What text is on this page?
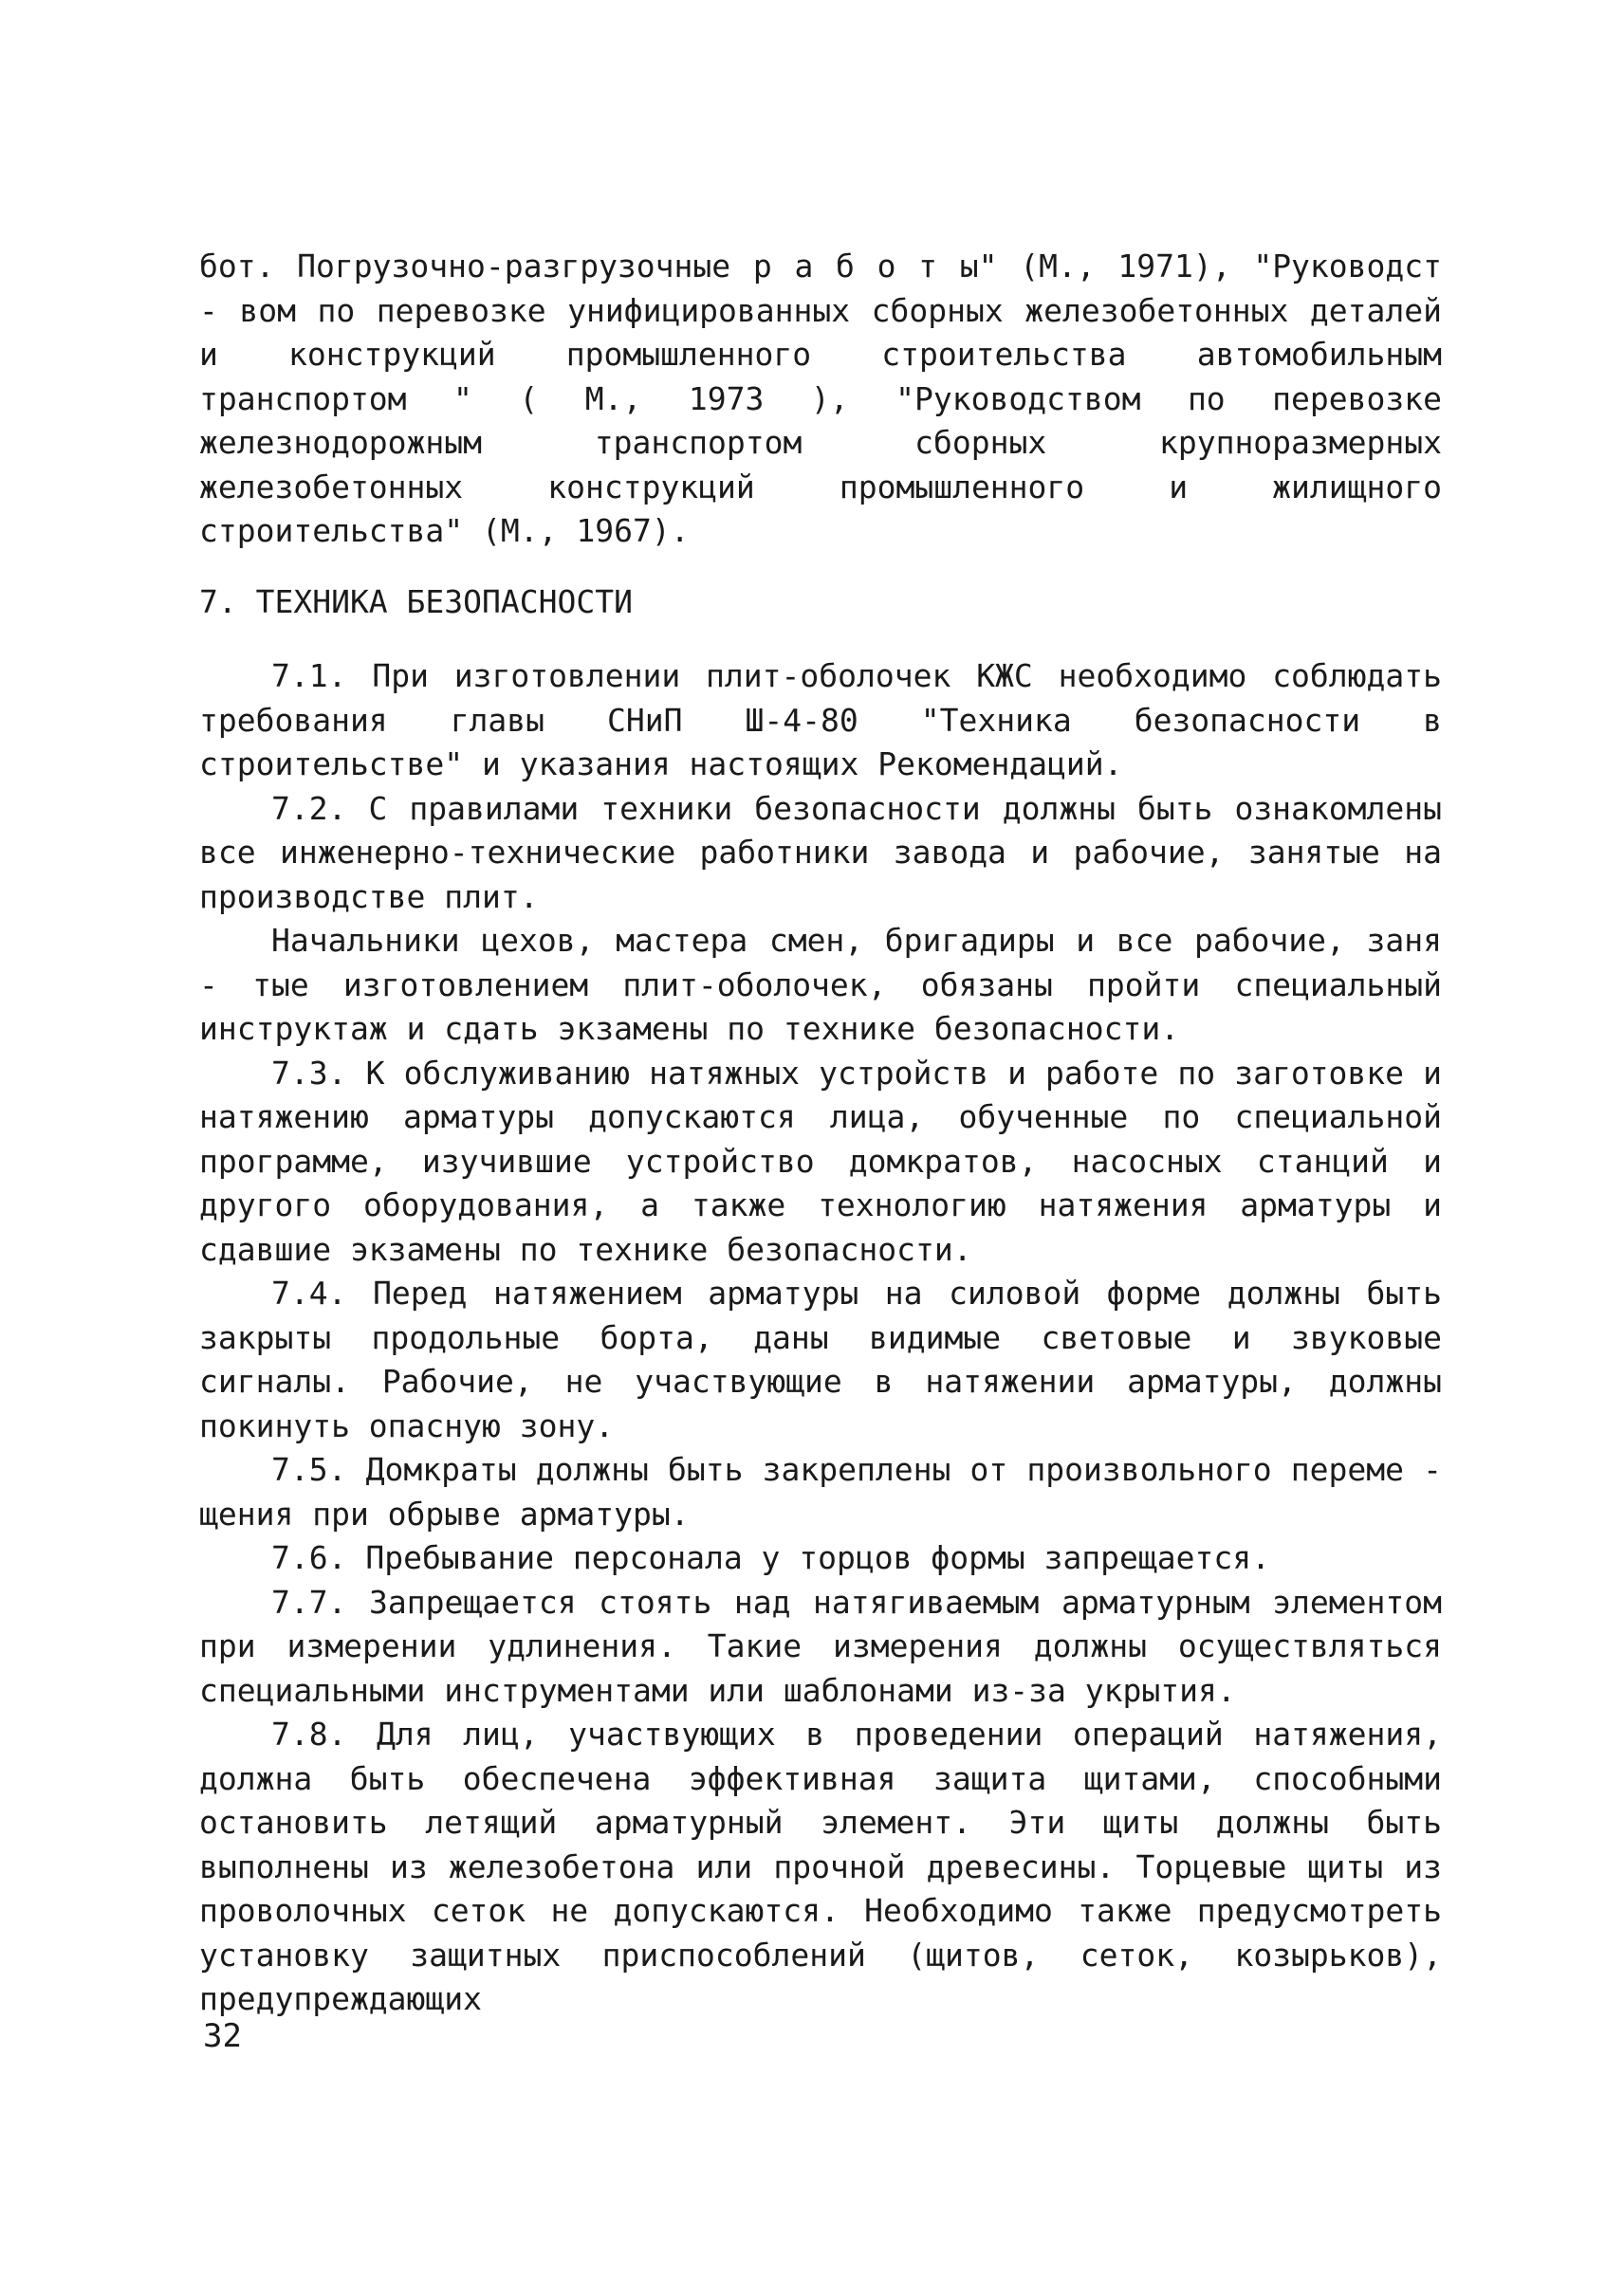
бот. Погрузочно-разгрузочные р а б о т ы" (М., 1971), "Руководст - вом по перевозке унифицированных сборных железобетонных деталей и конструкций промышленного строительства автомобильным транспортом " ( М., 1973 ), "Руководством по перевозке железнодорожным транспортом сборных крупноразмерных железобетонных конструкций промышленного и жилищного строительства" (М., 1967).

7. ТЕХНИКА БЕЗОПАСНОСТИ

7.1. При изготовлении плит-оболочек КЖС необходимо соблюдать требования главы СНиП Ш-4-80 "Техника безопасности в строительстве" и указания настоящих Рекомендаций.

7.2. С правилами техники безопасности должны быть ознакомлены все инженерно-технические работники завода и рабочие, занятые на производстве плит.

Начальники цехов, мастера смен, бригадиры и все рабочие, заня - тые изготовлением плит-оболочек, обязаны пройти специальный инструктаж и сдать экзамены по технике безопасности.

7.3. К обслуживанию натяжных устройств и работе по заготовке и натяжению арматуры допускаются лица, обученные по специальной программе, изучившие устройство домкратов, насосных станций и другого оборудования, а также технологию натяжения арматуры и сдавшие экзамены по технике безопасности.

7.4. Перед натяжением арматуры на силовой форме должны быть закрыты продольные борта, даны видимые световые и звуковые сигналы. Рабочие, не участвующие в натяжении арматуры, должны покинуть опасную зону.

7.5. Домкраты должны быть закреплены от произвольного переме - щения при обрыве арматуры.

7.6. Пребывание персонала у торцов формы запрещается.

7.7. Запрещается стоять над натягиваемым арматурным элементом при измерении удлинения. Такие измерения должны осуществляться специальными инструментами или шаблонами из-за укрытия.

7.8. Для лиц, участвующих в проведении операций натяжения, должна быть обеспечена эффективная защита щитами, способными остановить летящий арматурный элемент. Эти щиты должны быть выполнены из железобетона или прочной древесины. Торцевые щиты из проволочных сеток не допускаются. Необходимо также предусмотреть установку защитных приспособлений (щитов, сеток, козырьков), предупреждающих

32
